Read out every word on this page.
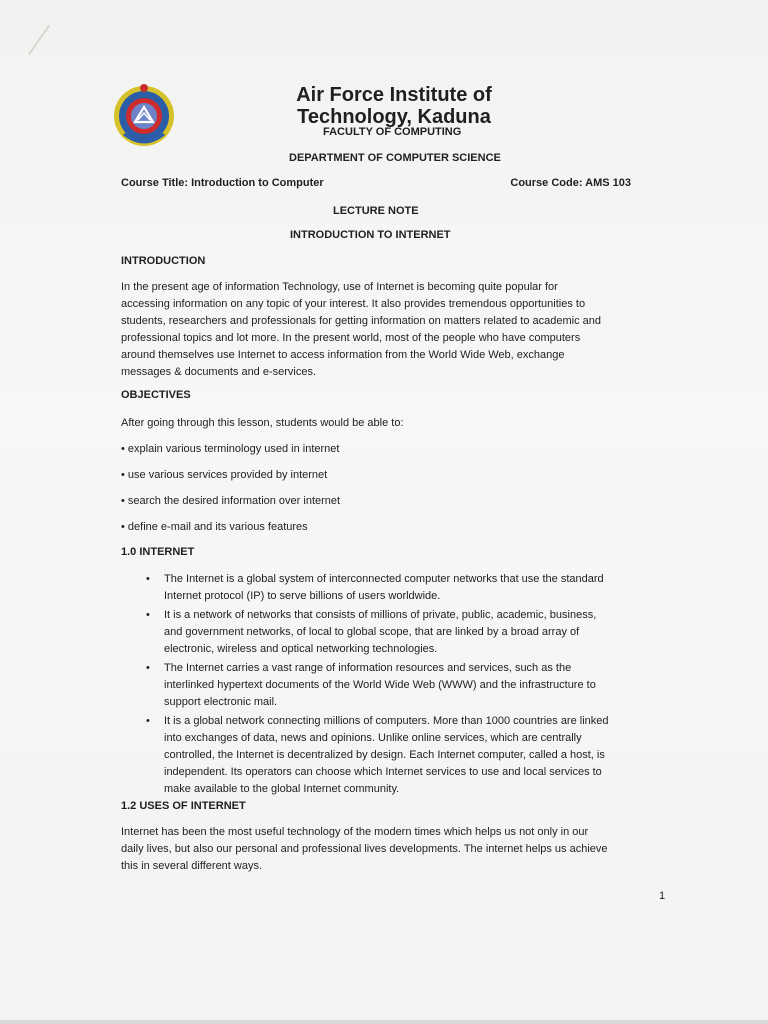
Air Force Institute of Technology, Kaduna
FACULTY OF COMPUTING
DEPARTMENT OF COMPUTER SCIENCE
Course Title: Introduction to Computer	Course Code: AMS 103
LECTURE NOTE
INTRODUCTION TO INTERNET
INTRODUCTION
In the present age of information Technology, use of Internet is becoming quite popular for
accessing information on any topic of your interest. It also provides tremendous opportunities to
students, researchers and professionals for getting information on matters related to academic and
professional topics and lot more. In the present world, most of the people who have computers
around themselves use Internet to access information from the World Wide Web, exchange
messages & documents and e-services.
OBJECTIVES
After going through this lesson, students would be able to:
• explain various terminology used in internet
• use various services provided by internet
• search the desired information over internet
• define e-mail and its various features
1.0 INTERNET
•	The Internet is a global system of interconnected computer networks that use the standard
Internet protocol (IP) to serve billions of users worldwide.
•	It is a network of networks that consists of millions of private, public, academic, business,
and government networks, of local to global scope, that are linked by a broad array of
electronic, wireless and optical networking technologies.
•	The Internet carries a vast range of information resources and services, such as the
interlinked hypertext documents of the World Wide Web (WWW) and the infrastructure to
support electronic mail.
•	It is a global network connecting millions of computers. More than 1000 countries are linked
into exchanges of data, news and opinions. Unlike online services, which are centrally
controlled, the Internet is decentralized by design. Each Internet computer, called a host, is
independent. Its operators can choose which Internet services to use and local services to
make available to the global Internet community.
1.2 USES OF INTERNET
Internet has been the most useful technology of the modern times which helps us not only in our
daily lives, but also our personal and professional lives developments. The internet helps us achieve
this in several different ways.
1
